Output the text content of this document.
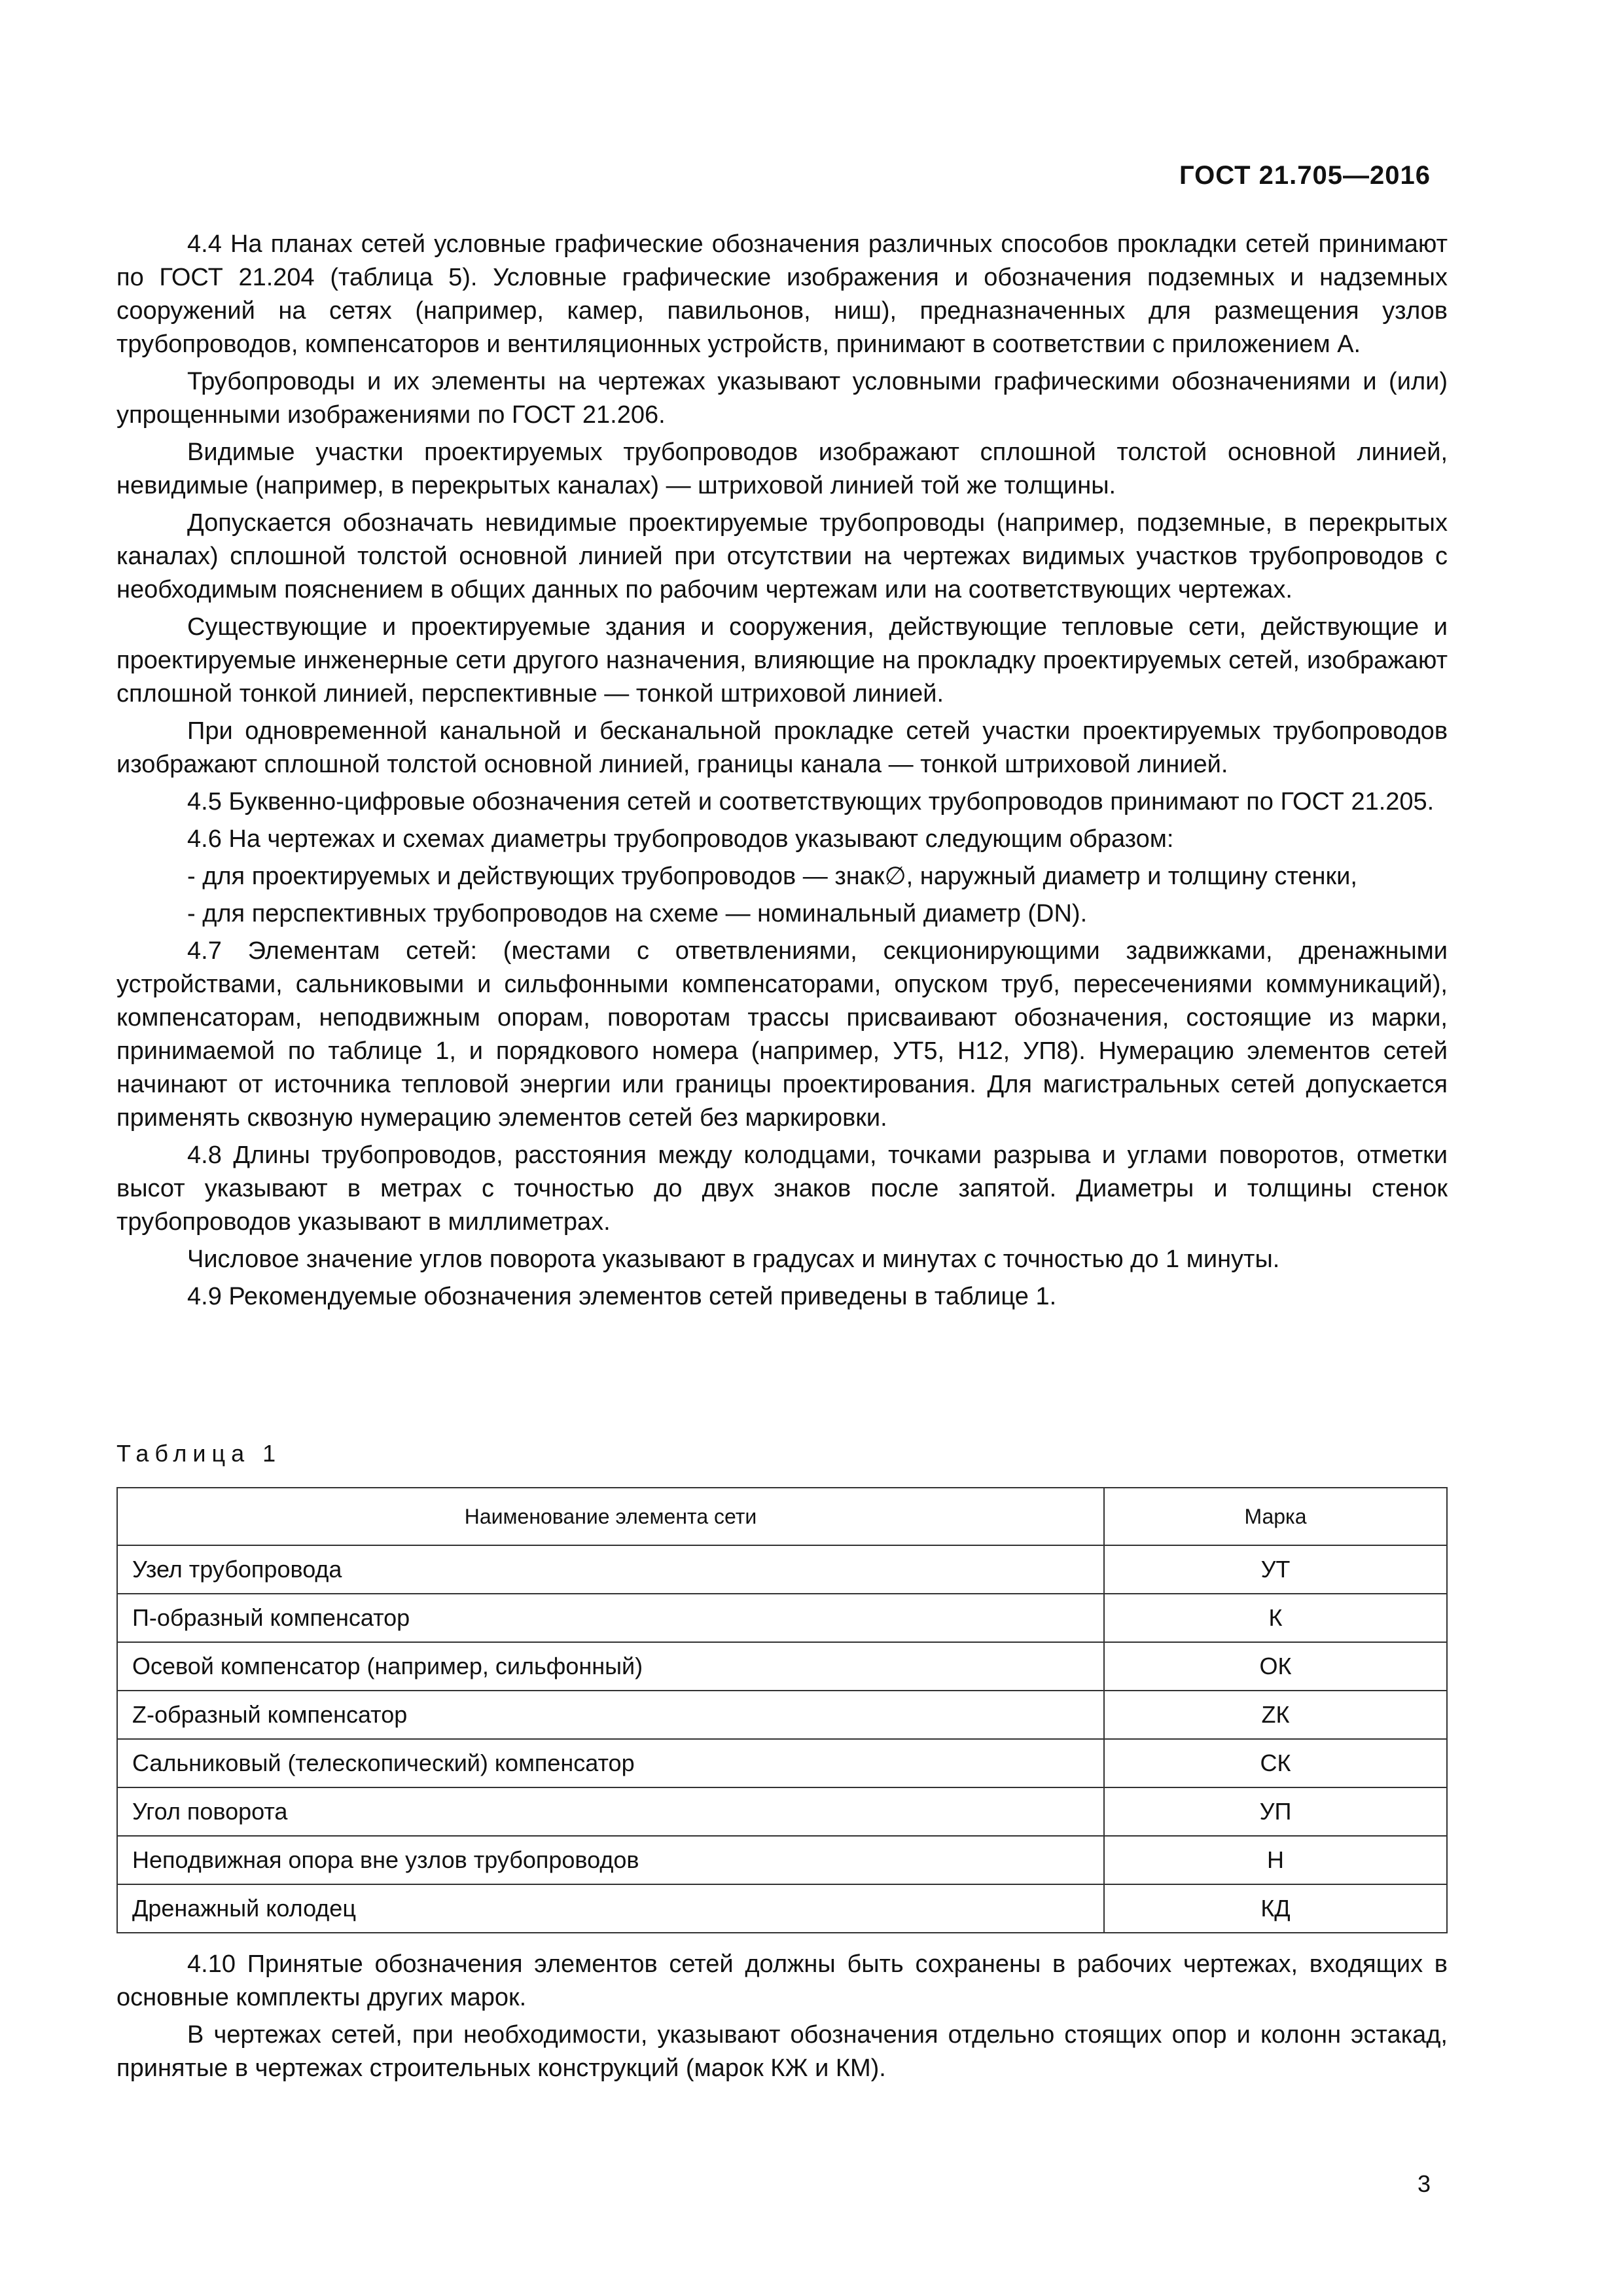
ГОСТ 21.705—2016

4.4 На планах сетей условные графические обозначения различных способов прокладки сетей принимают по ГОСТ 21.204 (таблица 5). Условные графические изображения и обозначения подземных и надземных сооружений на сетях (например, камер, павильонов, ниш), предназначенных для размещения узлов трубопроводов, компенсаторов и вентиляционных устройств, принимают в соответствии с приложением А.

Трубопроводы и их элементы на чертежах указывают условными графическими обозначениями и (или) упрощенными изображениями по ГОСТ 21.206.

Видимые участки проектируемых трубопроводов изображают сплошной толстой основной линией, невидимые (например, в перекрытых каналах) — штриховой линией той же толщины.

Допускается обозначать невидимые проектируемые трубопроводы (например, подземные, в перекрытых каналах) сплошной толстой основной линией при отсутствии на чертежах видимых участков трубопроводов с необходимым пояснением в общих данных по рабочим чертежам или на соответствующих чертежах.

Существующие и проектируемые здания и сооружения, действующие тепловые сети, действующие и проектируемые инженерные сети другого назначения, влияющие на прокладку проектируемых сетей, изображают сплошной тонкой линией, перспективные — тонкой штриховой линией.

При одновременной канальной и бесканальной прокладке сетей участки проектируемых трубопроводов изображают сплошной толстой основной линией, границы канала — тонкой штриховой линией.

4.5 Буквенно-цифровые обозначения сетей и соответствующих трубопроводов принимают по ГОСТ 21.205.

4.6 На чертежах и схемах диаметры трубопроводов указывают следующим образом:

- для проектируемых и действующих трубопроводов — знак∅, наружный диаметр и толщину стенки,

- для перспективных трубопроводов на схеме — номинальный диаметр (DN).

4.7 Элементам сетей: (местами с ответвлениями, секционирующими задвижками, дренажными устройствами, сальниковыми и сильфонными компенсаторами, опуском труб, пересечениями коммуникаций), компенсаторам, неподвижным опорам, поворотам трассы присваивают обозначения, состоящие из марки, принимаемой по таблице 1, и порядкового номера (например, УТ5, Н12, УП8). Нумерацию элементов сетей начинают от источника тепловой энергии или границы проектирования. Для магистральных сетей допускается применять сквозную нумерацию элементов сетей без маркировки.

4.8 Длины трубопроводов, расстояния между колодцами, точками разрыва и углами поворотов, отметки высот указывают в метрах с точностью до двух знаков после запятой. Диаметры и толщины стенок трубопроводов указывают в миллиметрах.

Числовое значение углов поворота указывают в градусах и минутах с точностью до 1 минуты.

4.9 Рекомендуемые обозначения элементов сетей приведены в таблице 1.

Таблица 1
Наименование элемента сети	Марка
Узел трубопровода	УТ
П-образный компенсатор	К
Осевой компенсатор (например, сильфонный)	ОК
Z-образный компенсатор	ZК
Сальниковый (телескопический) компенсатор	СК
Угол поворота	УП
Неподвижная опора вне узлов трубопроводов	Н
Дренажный колодец	КД

4.10 Принятые обозначения элементов сетей должны быть сохранены в рабочих чертежах, входящих в основные комплекты других марок.

В чертежах сетей, при необходимости, указывают обозначения отдельно стоящих опор и колонн эстакад, принятые в чертежах строительных конструкций (марок КЖ и КМ).

3
